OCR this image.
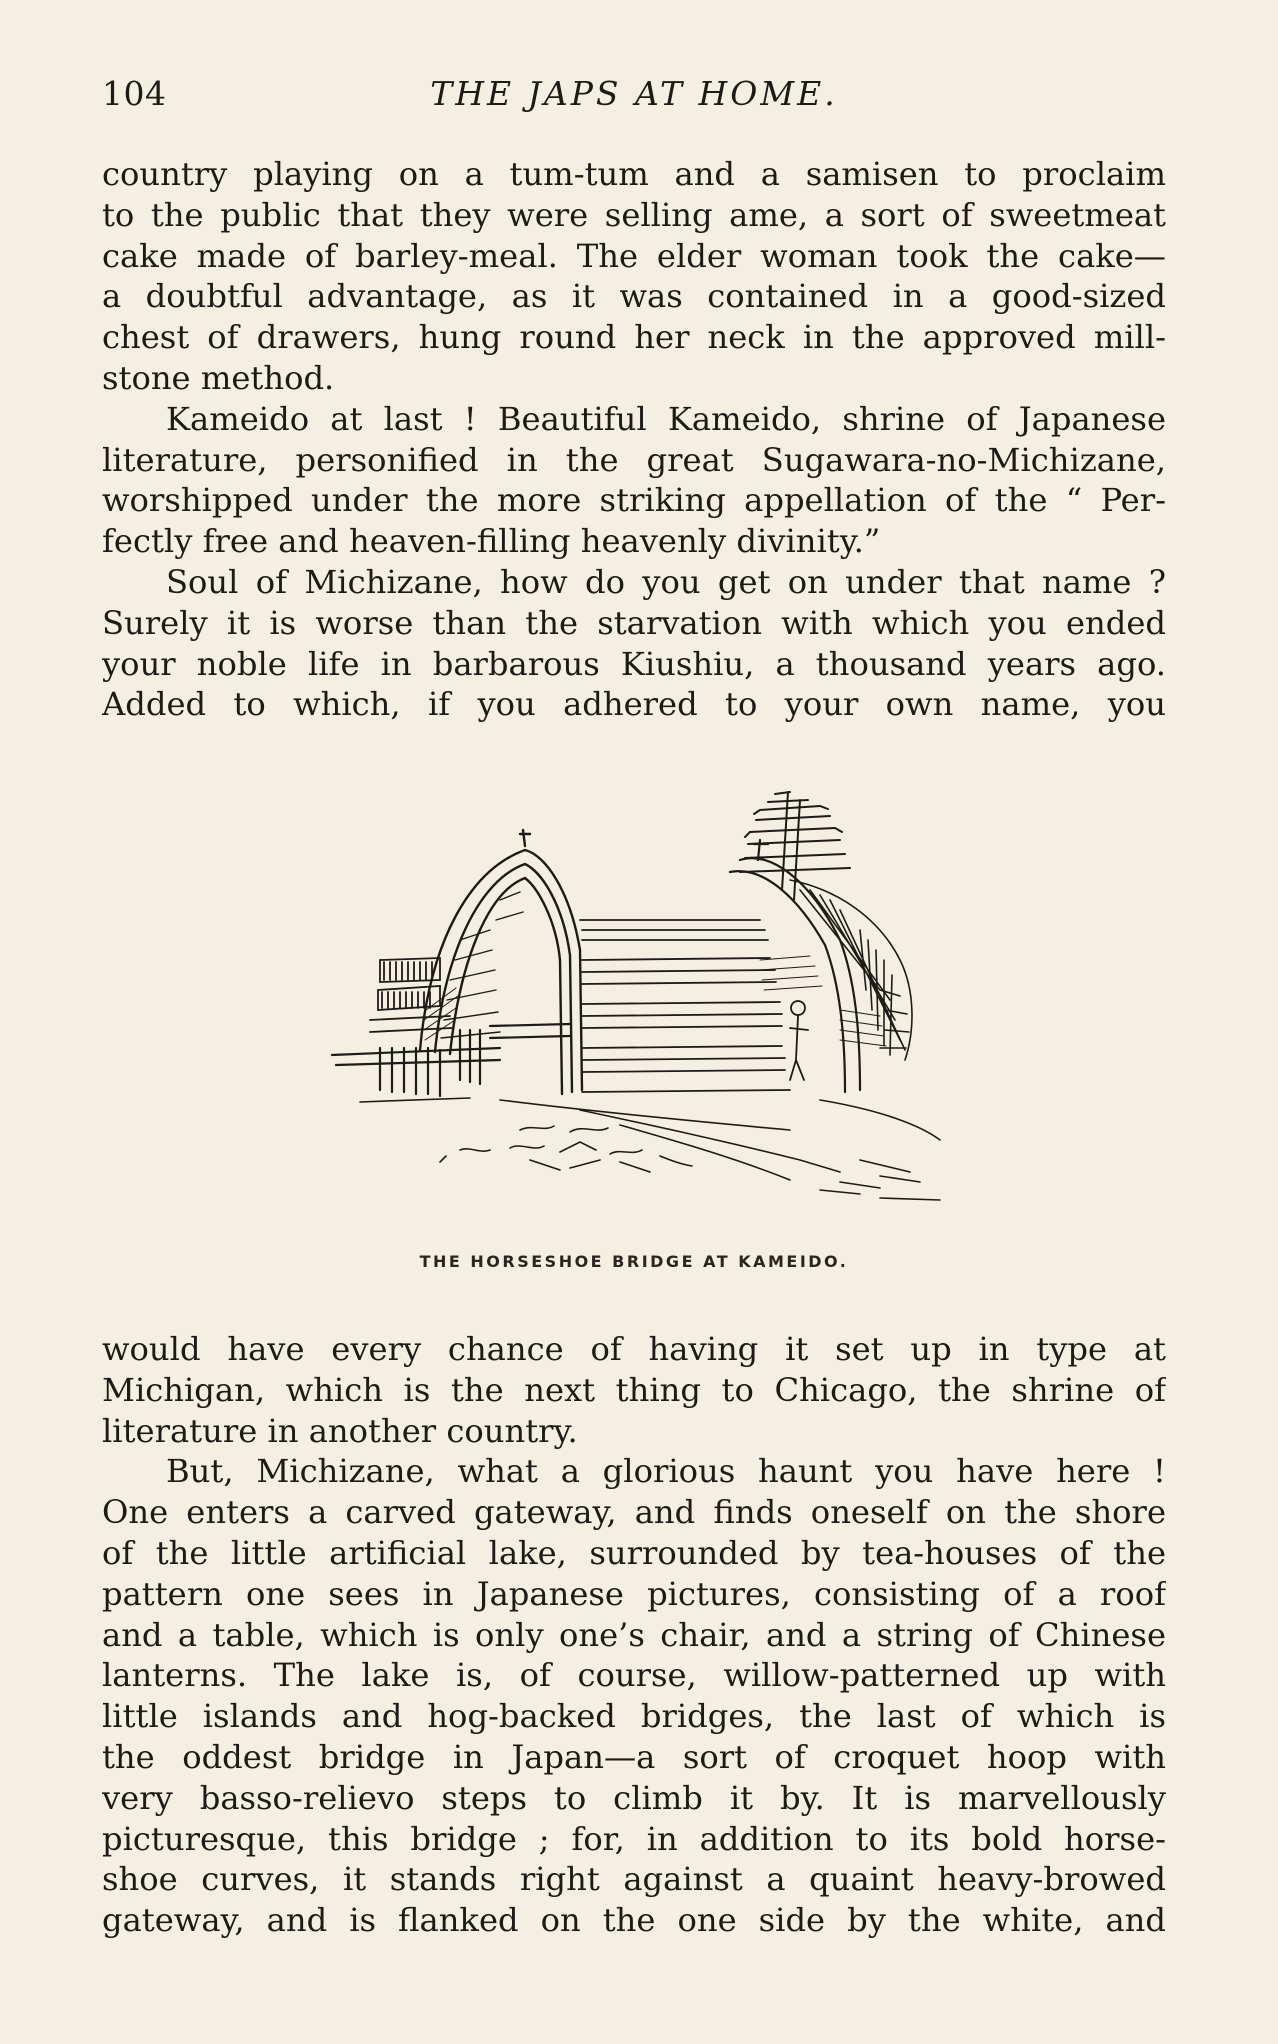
104	THE JAPS AT HOME.
country playing on a tum-tum and a samisen to proclaim
to the public that they were selling ame, a sort of sweetmeat
cake made of barley-meal. The elder woman took the cake—
a doubtful advantage, as it was contained in a good-sized
chest of drawers, hung round her neck in the approved mill-
stone method.
Kameido at last ! Beautiful Kameido, shrine of Japanese
literature, personified in the great Sugawara-no-Michizane,
worshipped under the more striking appellation of the “ Per-
fectly free and heaven-filling heavenly divinity.”
Soul of Michizane, how do you get on under that name ?
Surely it is worse than the starvation with which you ended
your noble life in barbarous Kiushiu, a thousand years ago.
Added to which, if you adhered to your own name, you
THE HORSESHOE BRIDGE AT KAMEIDO.
would have every chance of having it set up in type at
Michigan, which is the next thing to Chicago, the shrine of
literature in another country.
But, Michizane, what a glorious haunt you have here !
One enters a carved gateway, and finds oneself on the shore
of the little artificial lake, surrounded by tea-houses of the
pattern one sees in Japanese pictures, consisting of a roof
and a table, which is only one’s chair, and a string of Chinese
lanterns. The lake is, of course, willow-patterned up with
little islands and hog-backed bridges, the last of which is
the oddest bridge in Japan—a sort of croquet hoop with
very basso-relievo steps to climb it by. It is marvellously
picturesque, this bridge ; for, in addition to its bold horse-
shoe curves, it stands right against a quaint heavy-browed
gateway, and is flanked on the one side by the white, and
